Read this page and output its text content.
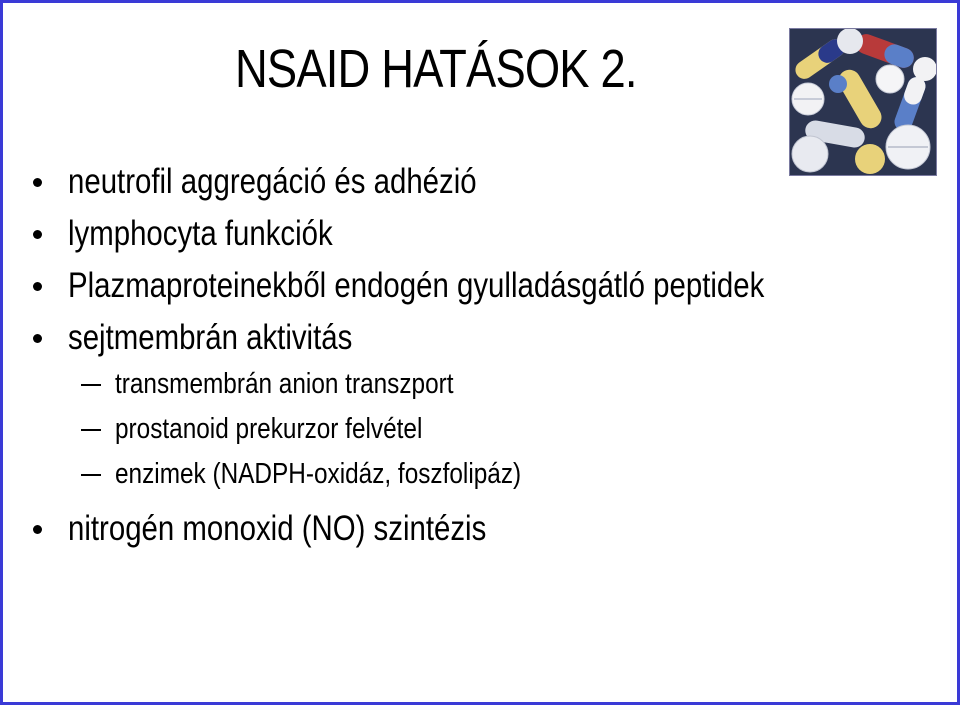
NSAID HATÁSOK 2.
neutrofil aggregáció és adhézió
lymphocyta funkciók
Plazmaproteinekből endogén gyulladásgátló peptidek
sejtmembrán aktivitás
transmembrán anion transzport
prostanoid prekurzor felvétel
enzimek (NADPH-oxidáz, foszfolipáz)
nitrogén monoxid (NO) szintézis
